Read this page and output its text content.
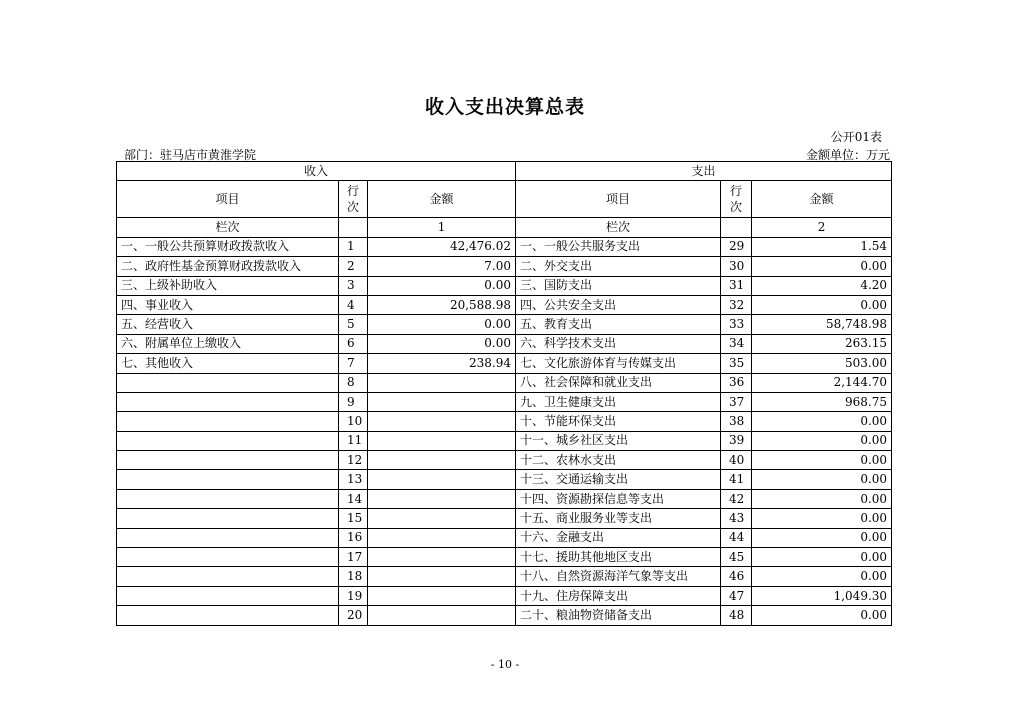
收入支出决算总表
公开01表
部门：驻马店市黄淮学院	金额单位：万元
收入			支出		
项目	行次	金额	项目	行次	金额
栏次		1	栏次		2
一、一般公共预算财政拨款收入	1	42,476.02	一、一般公共服务支出	29	1.54
二、政府性基金预算财政拨款收入	2	7.00	二、外交支出	30	0.00
三、上级补助收入	3	0.00	三、国防支出	31	4.20
四、事业收入	4	20,588.98	四、公共安全支出	32	0.00
五、经营收入	5	0.00	五、教育支出	33	58,748.98
六、附属单位上缴收入	6	0.00	六、科学技术支出	34	263.15
七、其他收入	7	238.94	七、文化旅游体育与传媒支出	35	503.00
	8		八、社会保障和就业支出	36	2,144.70
	9		九、卫生健康支出	37	968.75
	10		十、节能环保支出	38	0.00
	11		十一、城乡社区支出	39	0.00
	12		十二、农林水支出	40	0.00
	13		十三、交通运输支出	41	0.00
	14		十四、资源勘探信息等支出	42	0.00
	15		十五、商业服务业等支出	43	0.00
	16		十六、金融支出	44	0.00
	17		十七、援助其他地区支出	45	0.00
	18		十八、自然资源海洋气象等支出	46	0.00
	19		十九、住房保障支出	47	1,049.30
	20		二十、粮油物资储备支出	48	0.00
- 10 -
